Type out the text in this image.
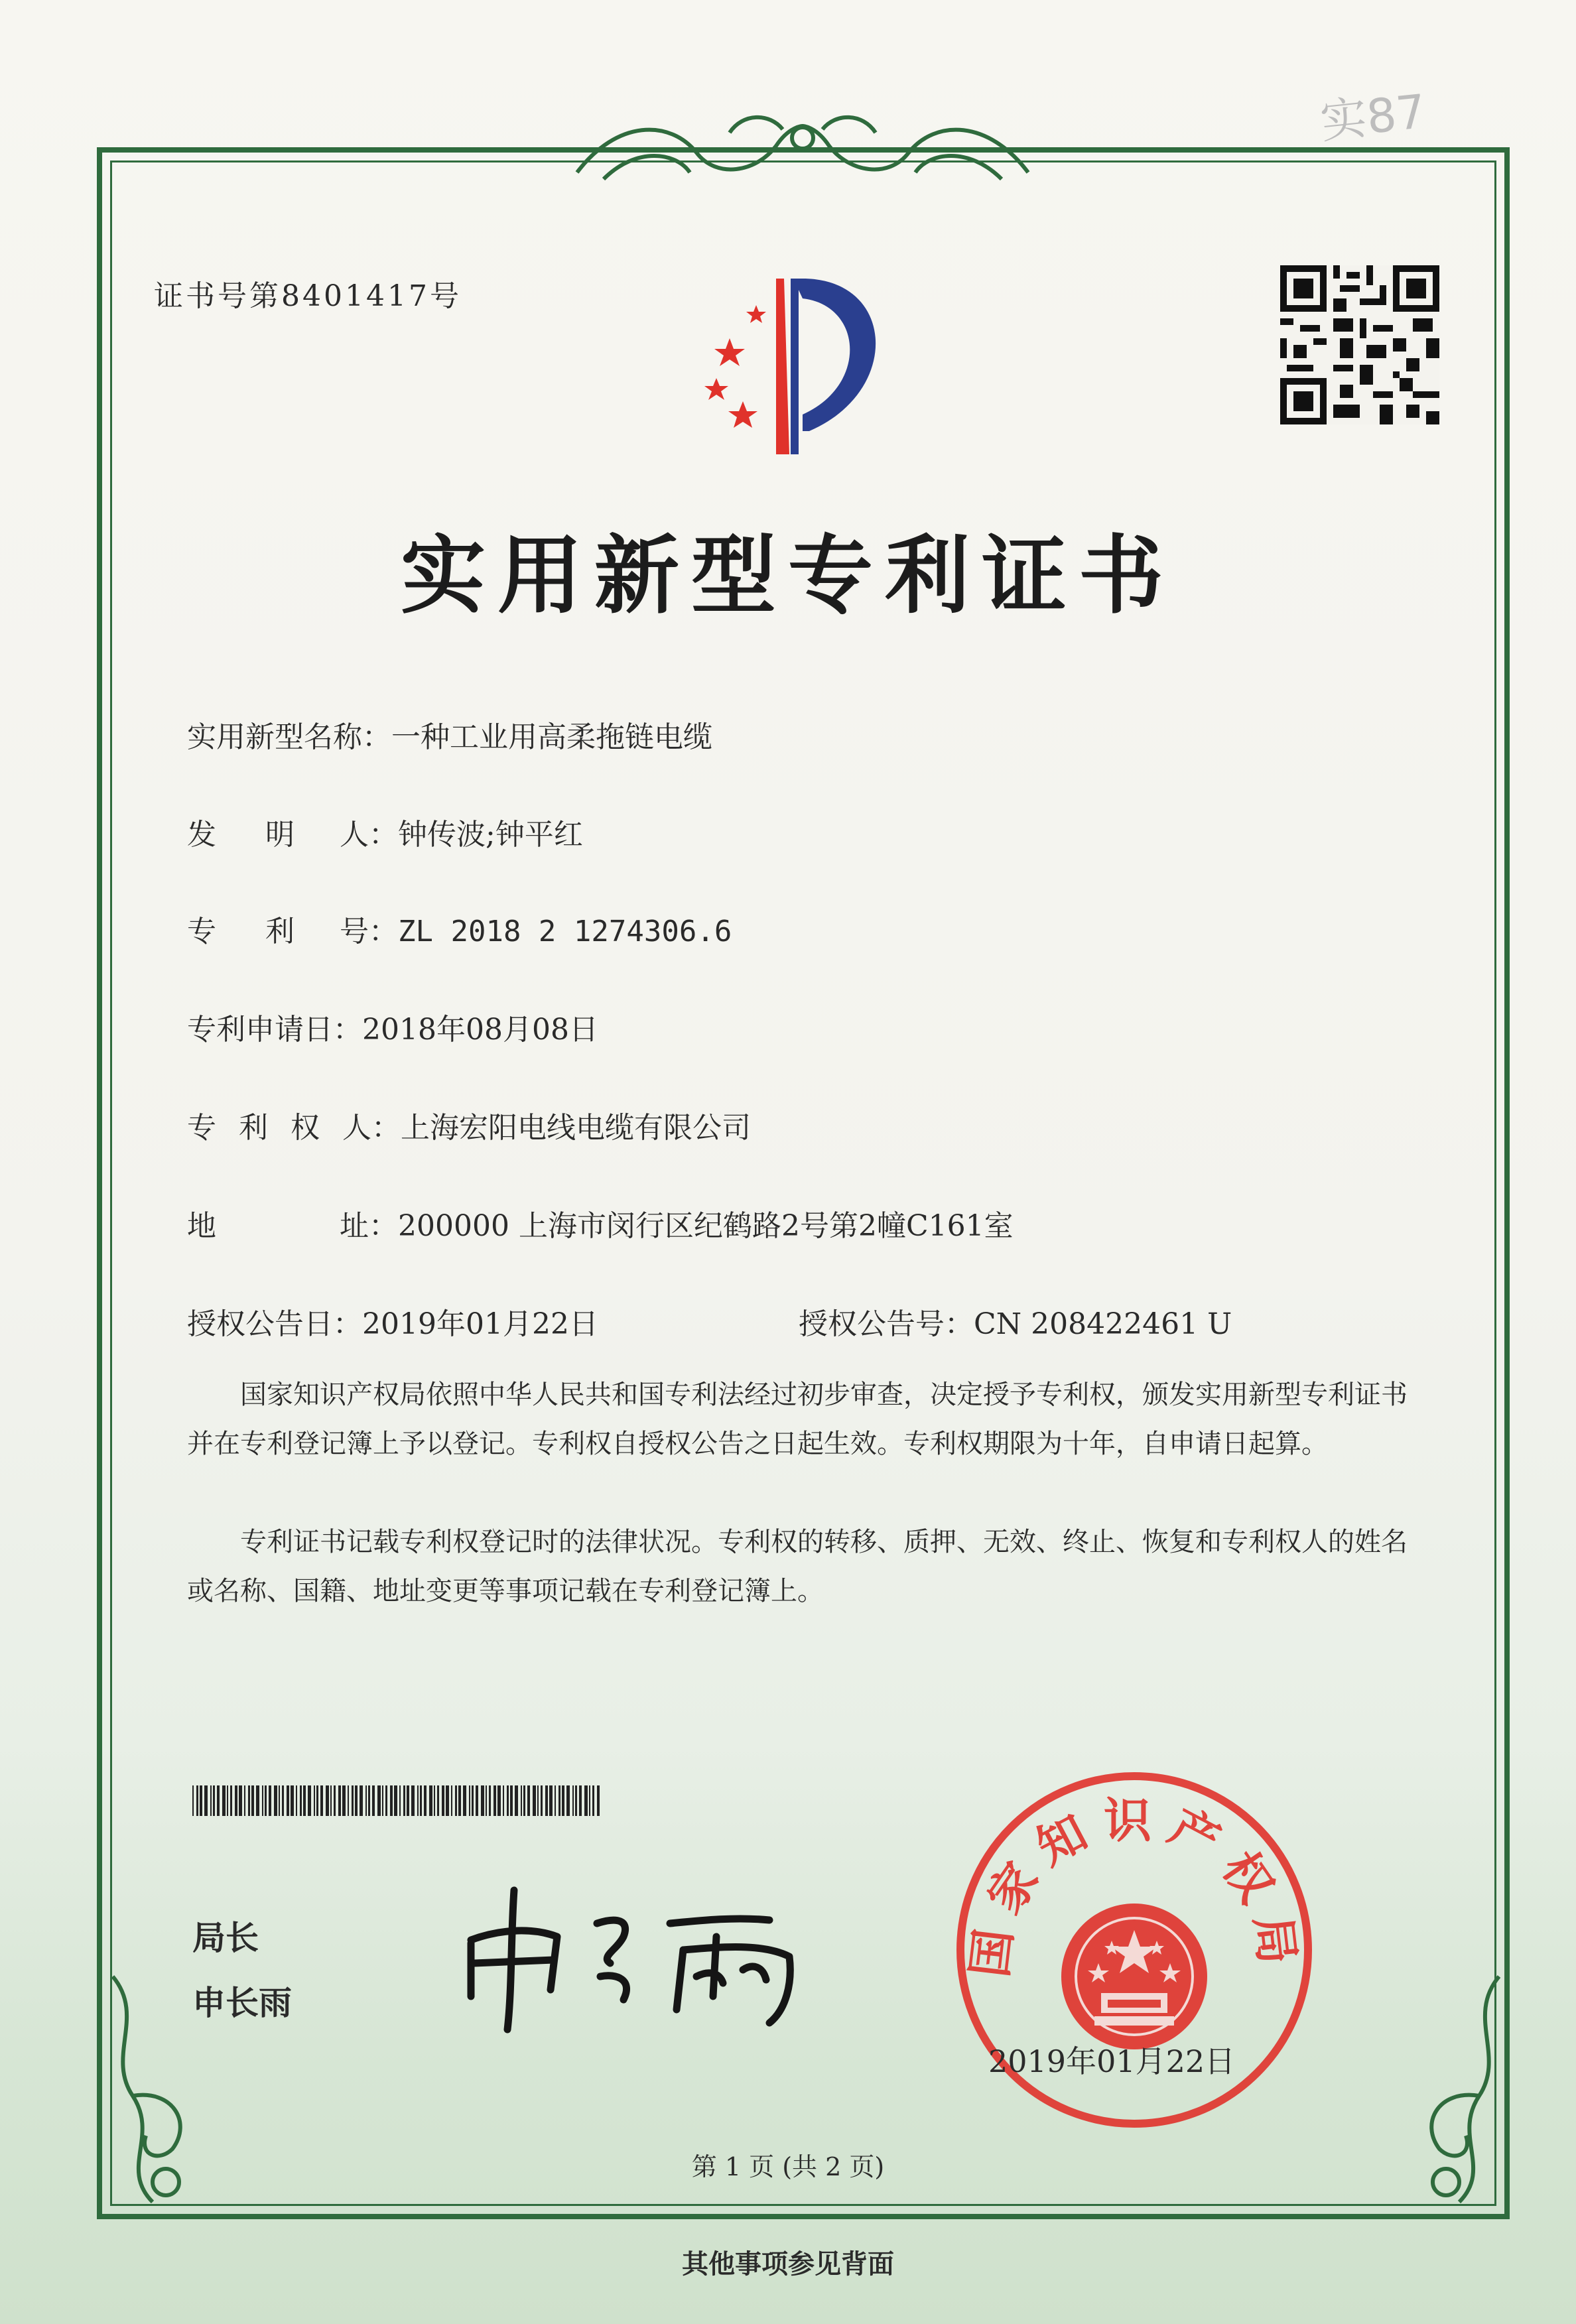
实87
证书号第8401417号
实用新型专利证书
实用新型名称：一种工业用高柔拖链电缆
发 明 人：钟传波;钟平红
专 利 号：ZL 2018 2 1274306.6
专利申请日：2018年08月08日
专 利 权 人：上海宏阳电线电缆有限公司
地	址：200000 上海市闵行区纪鹤路2号第2幢C161室
授权公告日：2019年01月22日	授权公告号：CN 208422461 U
国家知识产权局依照中华人民共和国专利法经过初步审查，决定授予专利权，颁发实用新型专利证书并在专利登记簿上予以登记。专利权自授权公告之日起生效。专利权期限为十年，自申请日起算。
专利证书记载专利权登记时的法律状况。专利权的转移、质押、无效、终止、恢复和专利权人的姓名或名称、国籍、地址变更等事项记载在专利登记簿上。
局长
申长雨
国家知识产权局
2019年01月22日
第 1 页 (共 2 页)
其他事项参见背面
